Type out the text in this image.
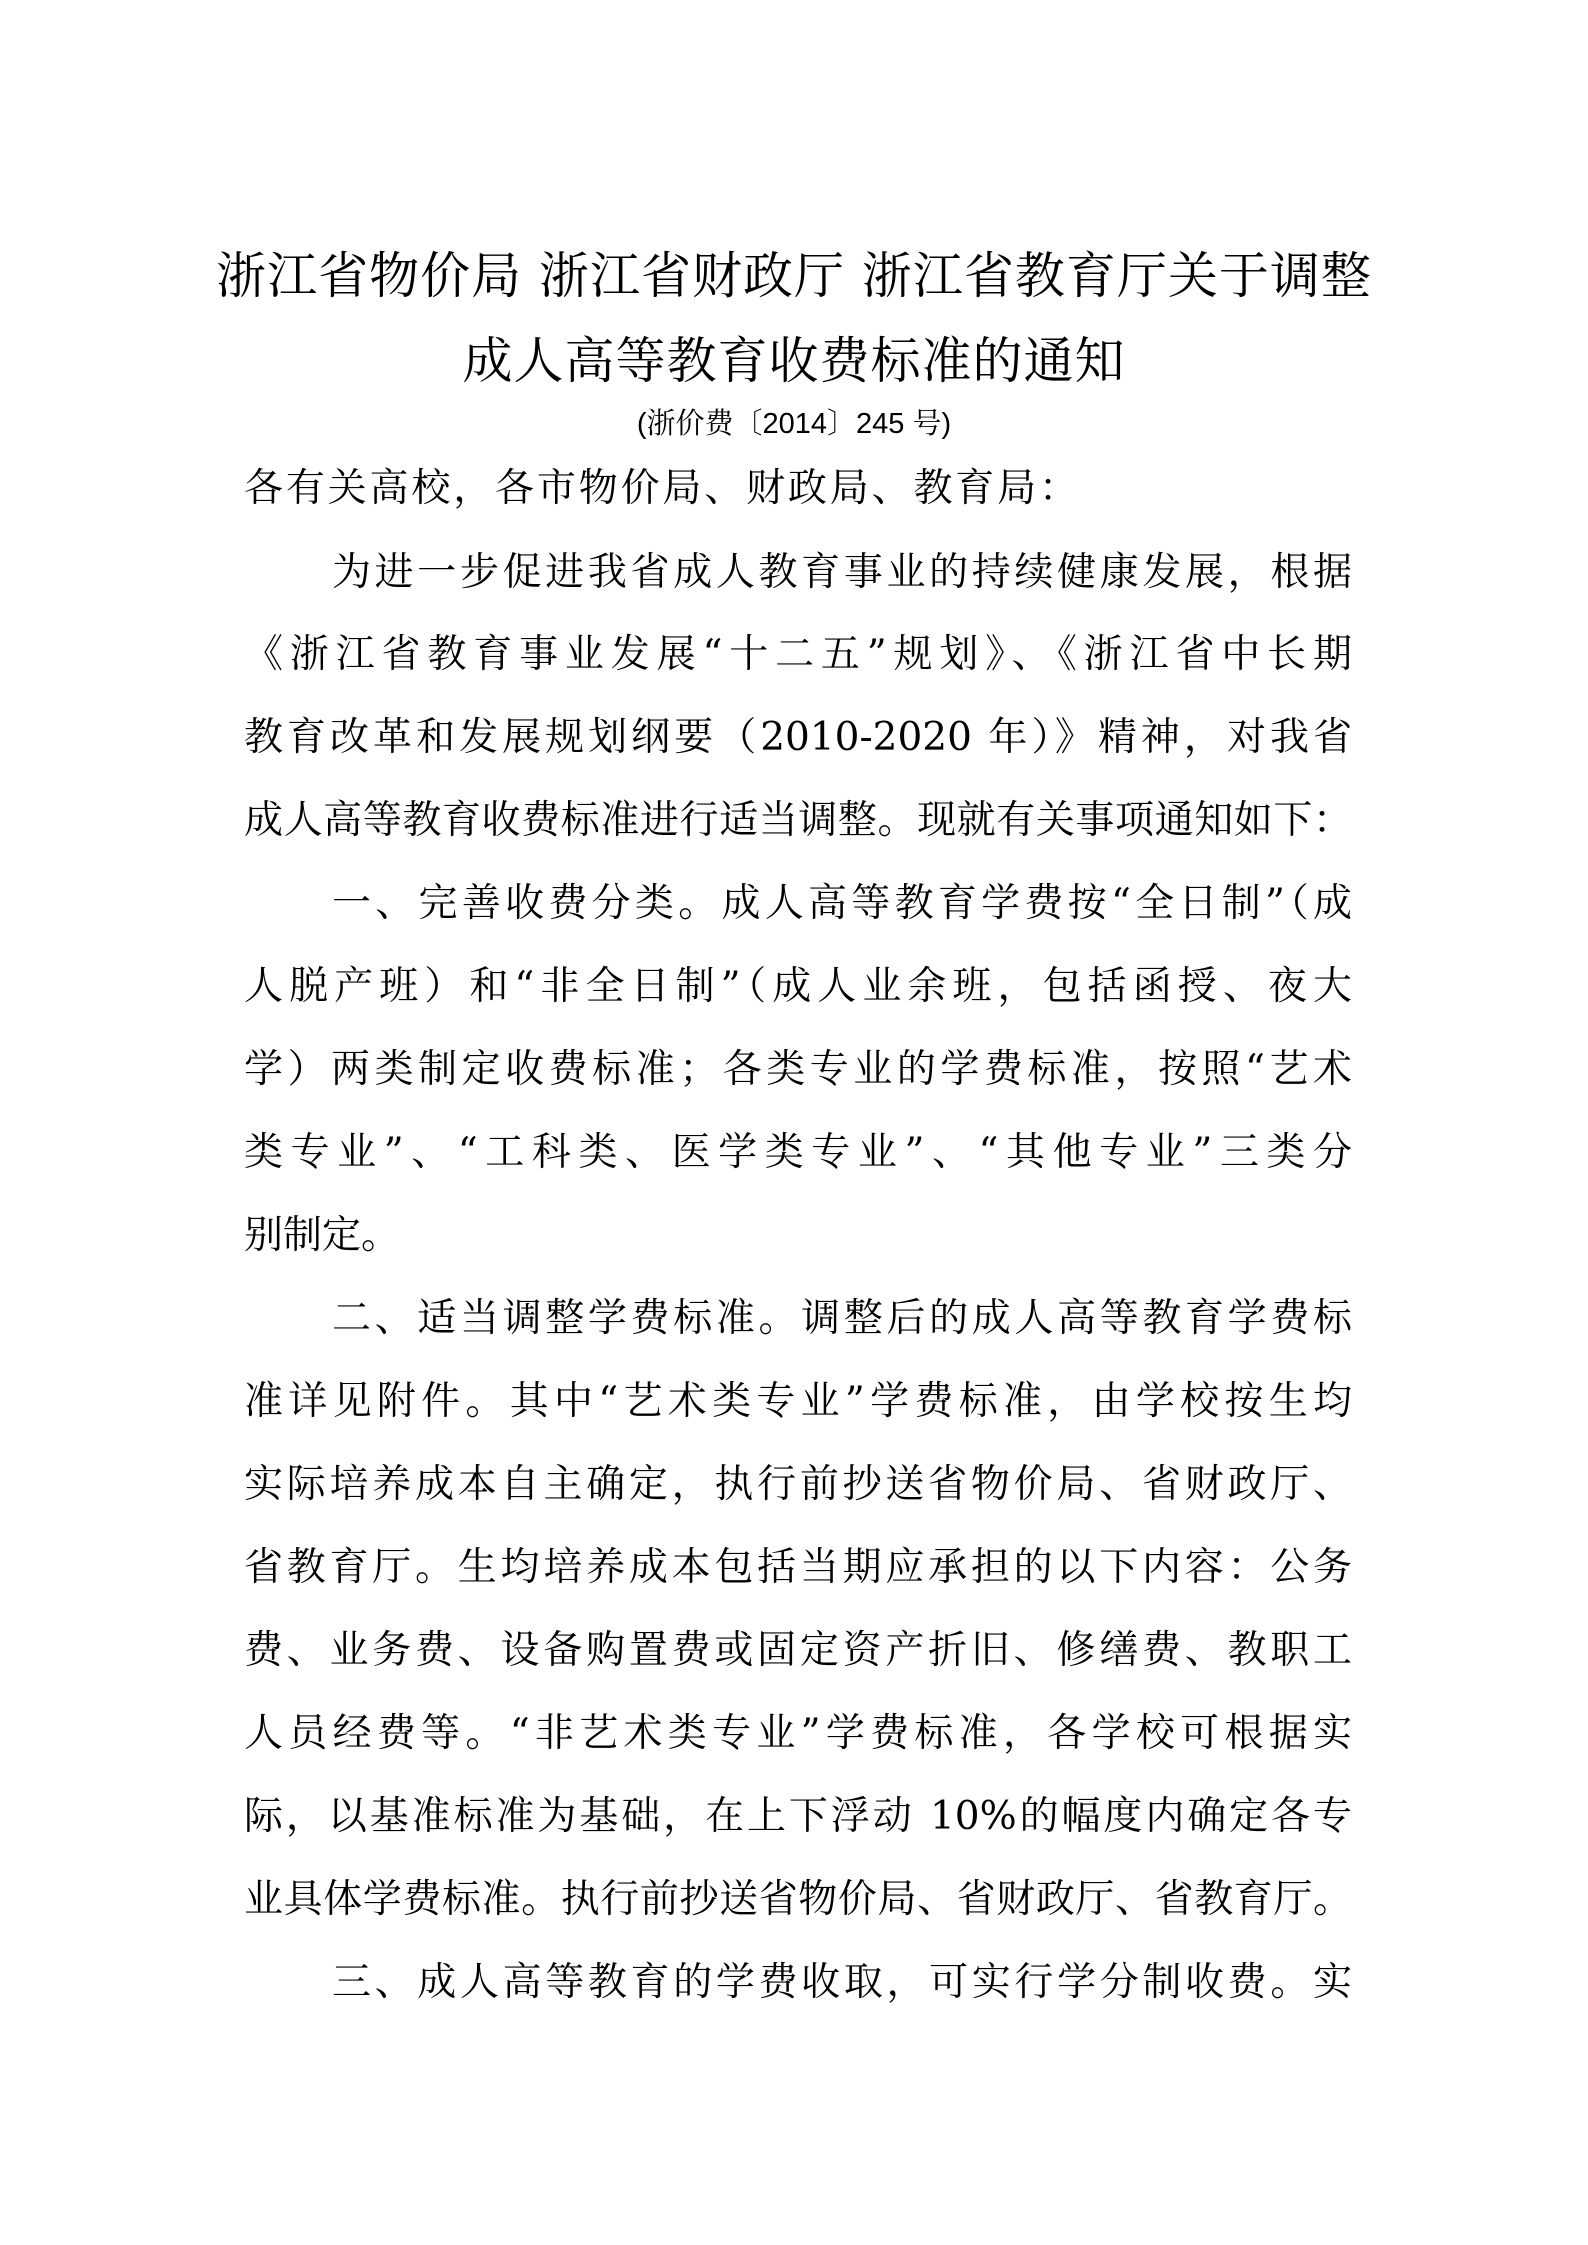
浙江省物价局 浙江省财政厅 浙江省教育厅关于调整
成人高等教育收费标准的通知
(浙价费〔2014〕245 号)
各有关高校，各市物价局、财政局、教育局：
为进一步促进我省成人教育事业的持续健康发展，根据
《浙江省教育事业发展“十二五”规划》、《浙江省中长期
教育改革和发展规划纲要（2010-2020 年）》精神，对我省
成人高等教育收费标准进行适当调整。现就有关事项通知如下：
一、完善收费分类。成人高等教育学费按“全日制”（成
人脱产班）和“非全日制”（成人业余班，包括函授、夜大
学）两类制定收费标准；各类专业的学费标准，按照“艺术
类专业”、“工科类、医学类专业”、“其他专业”三类分
别制定。
二、适当调整学费标准。调整后的成人高等教育学费标
准详见附件。其中“艺术类专业”学费标准，由学校按生均
实际培养成本自主确定，执行前抄送省物价局、省财政厅、
省教育厅。生均培养成本包括当期应承担的以下内容：公务
费、业务费、设备购置费或固定资产折旧、修缮费、教职工
人员经费等。“非艺术类专业”学费标准，各学校可根据实
际，以基准标准为基础，在上下浮动 10%的幅度内确定各专
业具体学费标准。执行前抄送省物价局、省财政厅、省教育厅。
三、成人高等教育的学费收取，可实行学分制收费。实
